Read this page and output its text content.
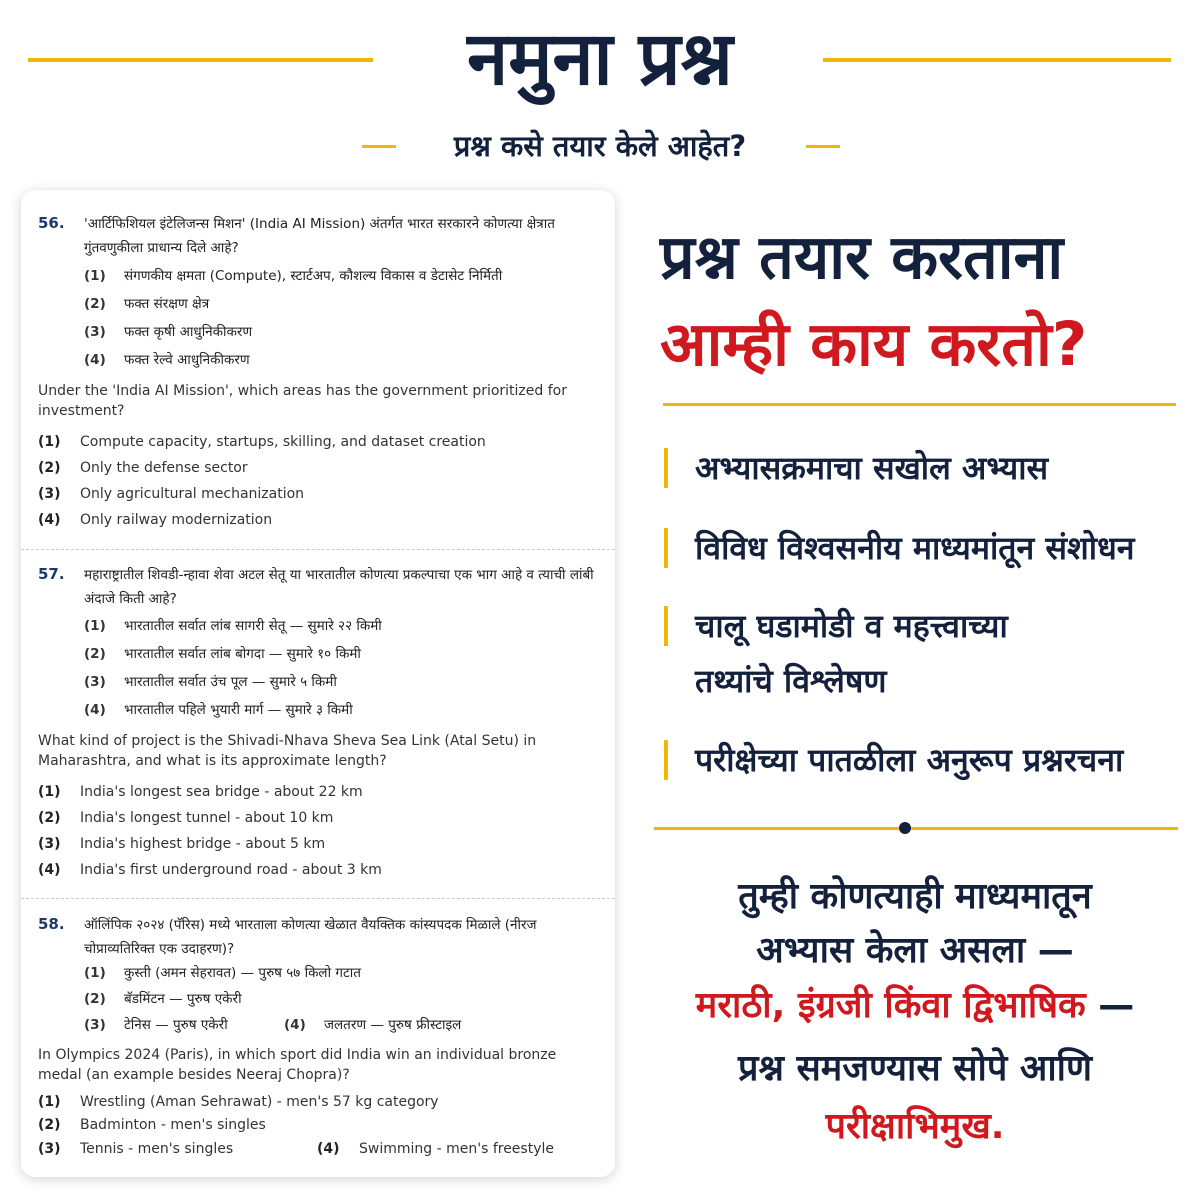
नमुना प्रश्न
प्रश्न कसे तयार केले आहेत?
56. 'आर्टिफिशियल इंटेलिजन्स मिशन' (India AI Mission) अंतर्गत भारत सरकारने कोणत्या क्षेत्रात गुंतवणुकीला प्राधान्य दिले आहे?
(1) संगणकीय क्षमता (Compute), स्टार्टअप, कौशल्य विकास व डेटासेट निर्मिती
(2) फक्त संरक्षण क्षेत्र
(3) फक्त कृषी आधुनिकीकरण
(4) फक्त रेल्वे आधुनिकीकरण
Under the 'India AI Mission', which areas has the government prioritized for investment?
(1) Compute capacity, startups, skilling, and dataset creation
(2) Only the defense sector
(3) Only agricultural mechanization
(4) Only railway modernization
57. महाराष्ट्रातील शिवडी-न्हावा शेवा अटल सेतू या भारतातील कोणत्या प्रकल्पाचा एक भाग आहे व त्याची लांबी अंदाजे किती आहे?
(1) भारतातील सर्वात लांब सागरी सेतू — सुमारे २२ किमी
(2) भारतातील सर्वात लांब बोगदा — सुमारे १० किमी
(3) भारतातील सर्वात उंच पूल — सुमारे ५ किमी
(4) भारतातील पहिले भुयारी मार्ग — सुमारे ३ किमी
What kind of project is the Shivadi-Nhava Sheva Sea Link (Atal Setu) in Maharashtra, and what is its approximate length?
(1) India's longest sea bridge - about 22 km
(2) India's longest tunnel - about 10 km
(3) India's highest bridge - about 5 km
(4) India's first underground road - about 3 km
58. ऑलिंपिक २०२४ (पॅरिस) मध्ये भारताला कोणत्या खेळात वैयक्तिक कांस्यपदक मिळाले (नीरज चोप्राव्यतिरिक्त एक उदाहरण)?
(1) कुस्ती (अमन सेहरावत) — पुरुष ५७ किलो गटात
(2) बॅडमिंटन — पुरुष एकेरी
(3) टेनिस — पुरुष एकेरी	(4) जलतरण — पुरुष फ्रीस्टाइल
In Olympics 2024 (Paris), in which sport did India win an individual bronze medal (an example besides Neeraj Chopra)?
(1) Wrestling (Aman Sehrawat) - men's 57 kg category
(2) Badminton - men's singles
(3) Tennis - men's singles	(4) Swimming - men's freestyle
प्रश्न तयार करताना
आम्ही काय करतो?
अभ्यासक्रमाचा सखोल अभ्यास
विविध विश्वसनीय माध्यमांतून संशोधन
चालू घडामोडी व महत्त्वाच्या
तथ्यांचे विश्लेषण
परीक्षेच्या पातळीला अनुरूप प्रश्नरचना
तुम्ही कोणत्याही माध्यमातून
अभ्यास केला असला —
मराठी, इंग्रजी किंवा द्विभाषिक —
प्रश्न समजण्यास सोपे आणि
परीक्षाभिमुख.
